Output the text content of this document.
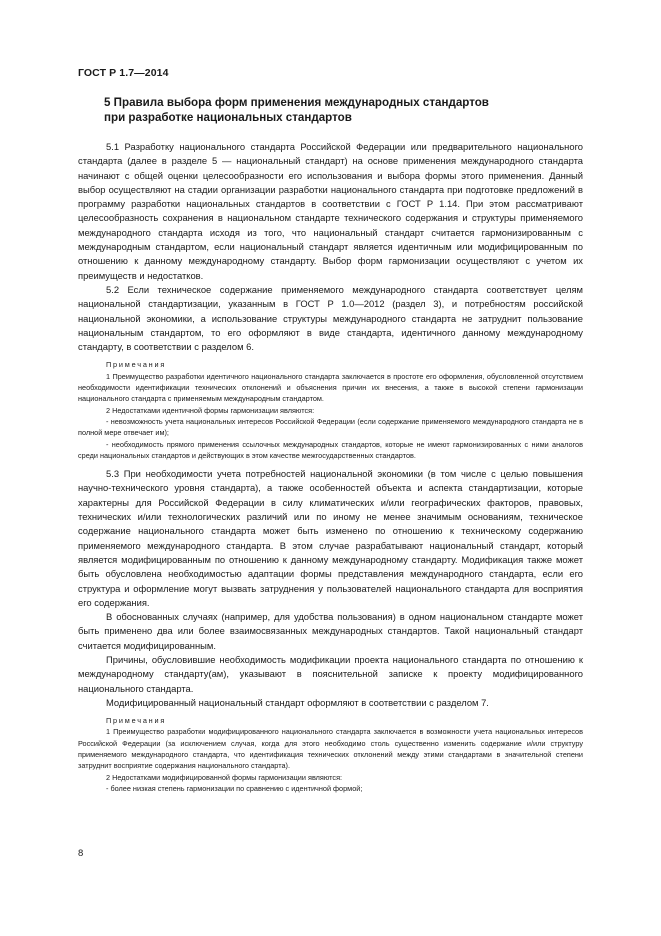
ГОСТ Р 1.7—2014
5 Правила выбора форм применения международных стандартов
при разработке национальных стандартов

5.1 Разработку национального стандарта Российской Федерации или предварительного национального стандарта (далее в разделе 5 — национальный стандарт) на основе применения международного стандарта начинают с общей оценки целесообразности его использования и выбора формы этого применения. Данный выбор осуществляют на стадии организации разработки национального стандарта при подготовке предложений в программу разработки национальных стандартов в соответствии с ГОСТ Р 1.14. При этом рассматривают целесообразность сохранения в национальном стандарте технического содержания и структуры применяемого международного стандарта исходя из того, что национальный стандарт считается гармонизированным с международным стандартом, если национальный стандарт является идентичным или модифицированным по отношению к данному международному стандарту. Выбор форм гармонизации осуществляют с учетом их преимуществ и недостатков.

5.2 Если техническое содержание применяемого международного стандарта соответствует целям национальной стандартизации, указанным в ГОСТ Р 1.0—2012 (раздел 3), и потребностям российской национальной экономики, а использование структуры международного стандарта не затруднит пользование национальным стандартом, то его оформляют в виде стандарта, идентичного данному международному стандарту, в соответствии с разделом 6.

Примечания

1 Преимущество разработки идентичного национального стандарта заключается в простоте его оформления, обусловленной отсутствием необходимости идентификации технических отклонений и объяснения причин их внесения, а также в высокой степени гармонизации национального стандарта с применяемым международным стандартом.

2 Недостатками идентичной формы гармонизации являются:

- невозможность учета национальных интересов Российской Федерации (если содержание применяемого международного стандарта не в полной мере отвечает им);

- необходимость прямого применения ссылочных международных стандартов, которые не имеют гармонизированных с ними аналогов среди национальных стандартов и действующих в этом качестве межгосударственных стандартов.

5.3 При необходимости учета потребностей национальной экономики (в том числе с целью повышения научно-технического уровня стандарта), а также особенностей объекта и аспекта стандартизации, которые характерны для Российской Федерации в силу климатических и/или географических факторов, правовых, технических и/или технологических различий или по иному не менее значимым основаниям, техническое содержание национального стандарта может быть изменено по отношению к техническому содержанию применяемого международного стандарта. В этом случае разрабатывают национальный стандарт, который является модифицированным по отношению к данному международному стандарту. Модификация также может быть обусловлена необходимостью адаптации формы представления международного стандарта, если его структура и оформление могут вызвать затруднения у пользователей национального стандарта для восприятия его содержания.

В обоснованных случаях (например, для удобства пользования) в одном национальном стандарте может быть применено два или более взаимосвязанных международных стандартов. Такой национальный стандарт считается модифицированным.

Причины, обусловившие необходимость модификации проекта национального стандарта по отношению к международному стандарту(ам), указывают в пояснительной записке к проекту модифицированного национального стандарта.

Модифицированный национальный стандарт оформляют в соответствии с разделом 7.

Примечания

1 Преимущество разработки модифицированного национального стандарта заключается в возможности учета национальных интересов Российской Федерации (за исключением случая, когда для этого необходимо столь существенно изменить содержание и/или структуру применяемого международного стандарта, что идентификация технических отклонений между этими стандартами в значительной степени затруднит восприятие содержания национального стандарта).

2 Недостатками модифицированной формы гармонизации являются:

- более низкая степень гармонизации по сравнению с идентичной формой;

8
